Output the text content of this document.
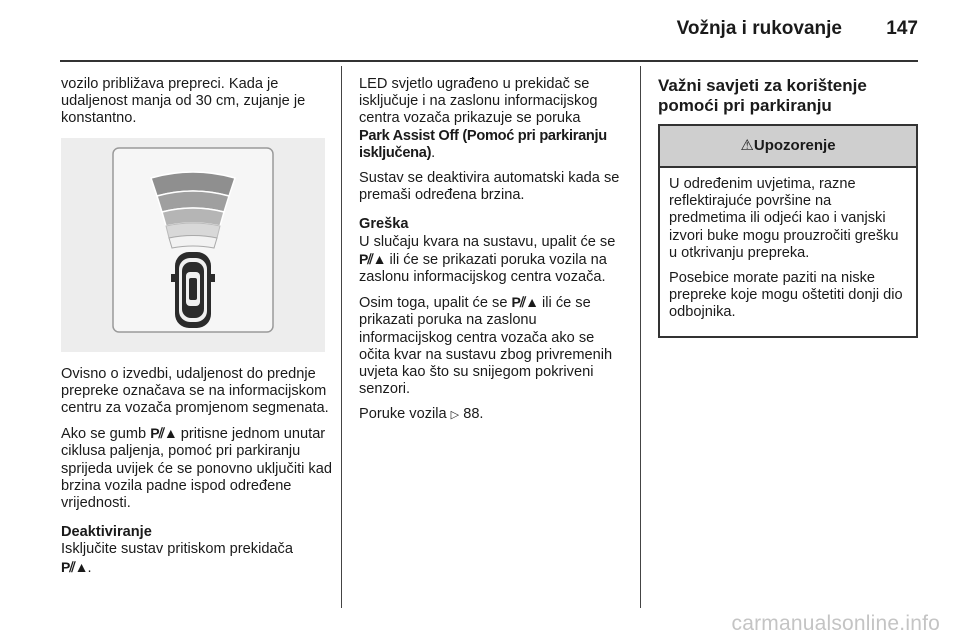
Vožnja i rukovanje 147

vozilo približava prepreci. Kada je udaljenost manja od 30 cm, zujanje je konstantno.

Ovisno o izvedbi, udaljenost do prednje prepreke označava se na informacijskom centru za vozača promjenom segmenata.

Ako se gumb P⫽▲ pritisne jednom unutar ciklusa paljenja, pomoć pri parkiranju sprijeda uvijek će se ponovno uključiti kad brzina vozila padne ispod određene vrijednosti.

Deaktiviranje
Isključite sustav pritiskom prekidača
P⫽▲.

LED svjetlo ugrađeno u prekidač se isključuje i na zaslonu informacijskog centra vozača prikazuje se poruka
Park Assist Off (Pomoć pri parkiranju isključena).

Sustav se deaktivira automatski kada se premaši određena brzina.

Greška
U slučaju kvara na sustavu, upalit će se P⫽▲ ili će se prikazati poruka vozila na zaslonu informacijskog centra vozača.

Osim toga, upalit će se P⫽▲ ili će se prikazati poruka na zaslonu informacijskog centra vozača ako se očita kvar na sustavu zbog privremenih uvjeta kao što su snijegom pokriveni senzori.

Poruke vozila ▷ 88.

Važni savjeti za korištenje pomoći pri parkiranju
⚠Upozorenje

U određenim uvjetima, razne reflektirajuće površine na predmetima ili odjeći kao i vanjski izvori buke mogu prouzročiti grešku u otkrivanju prepreka.

Posebice morate paziti na niske prepreke koje mogu oštetiti donji dio odbojnika.

carmanualsonline.info
